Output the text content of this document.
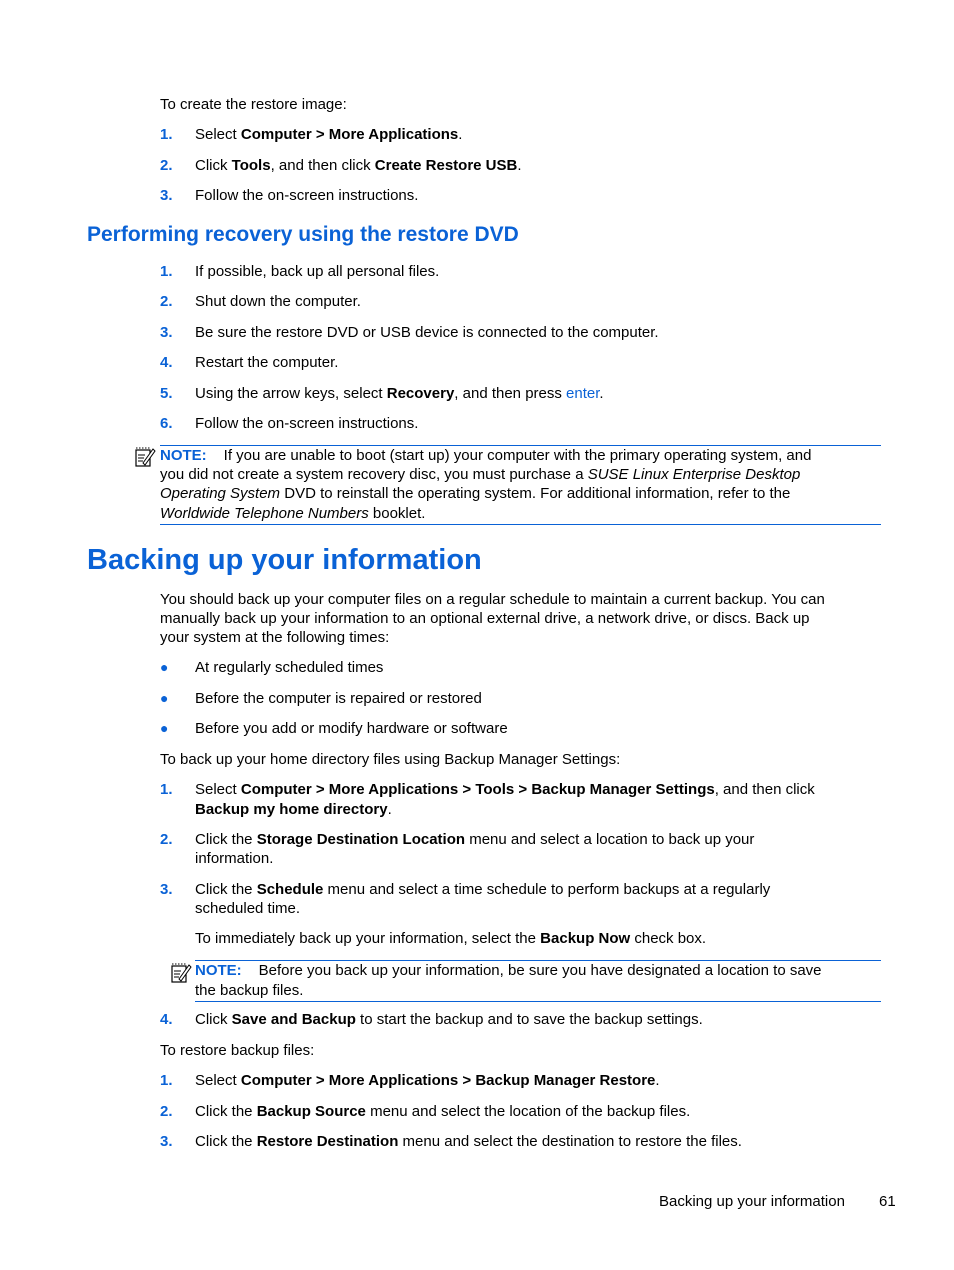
To create the restore image:
1. Select Computer > More Applications.
2. Click Tools, and then click Create Restore USB.
3. Follow the on-screen instructions.
Performing recovery using the restore DVD
1. If possible, back up all personal files.
2. Shut down the computer.
3. Be sure the restore DVD or USB device is connected to the computer.
4. Restart the computer.
5. Using the arrow keys, select Recovery, and then press enter.
6. Follow the on-screen instructions.
NOTE: If you are unable to boot (start up) your computer with the primary operating system, and
you did not create a system recovery disc, you must purchase a SUSE Linux Enterprise Desktop
Operating System DVD to reinstall the operating system. For additional information, refer to the
Worldwide Telephone Numbers booklet.
Backing up your information
You should back up your computer files on a regular schedule to maintain a current backup. You can
manually back up your information to an optional external drive, a network drive, or discs. Back up
your system at the following times:
● At regularly scheduled times
● Before the computer is repaired or restored
● Before you add or modify hardware or software
To back up your home directory files using Backup Manager Settings:
1. Select Computer > More Applications > Tools > Backup Manager Settings, and then click
Backup my home directory.
2. Click the Storage Destination Location menu and select a location to back up your
information.
3. Click the Schedule menu and select a time schedule to perform backups at a regularly
scheduled time.
To immediately back up your information, select the Backup Now check box.
NOTE: Before you back up your information, be sure you have designated a location to save
the backup files.
4. Click Save and Backup to start the backup and to save the backup settings.
To restore backup files:
1. Select Computer > More Applications > Backup Manager Restore.
2. Click the Backup Source menu and select the location of the backup files.
3. Click the Restore Destination menu and select the destination to restore the files.
Backing up your information 61
